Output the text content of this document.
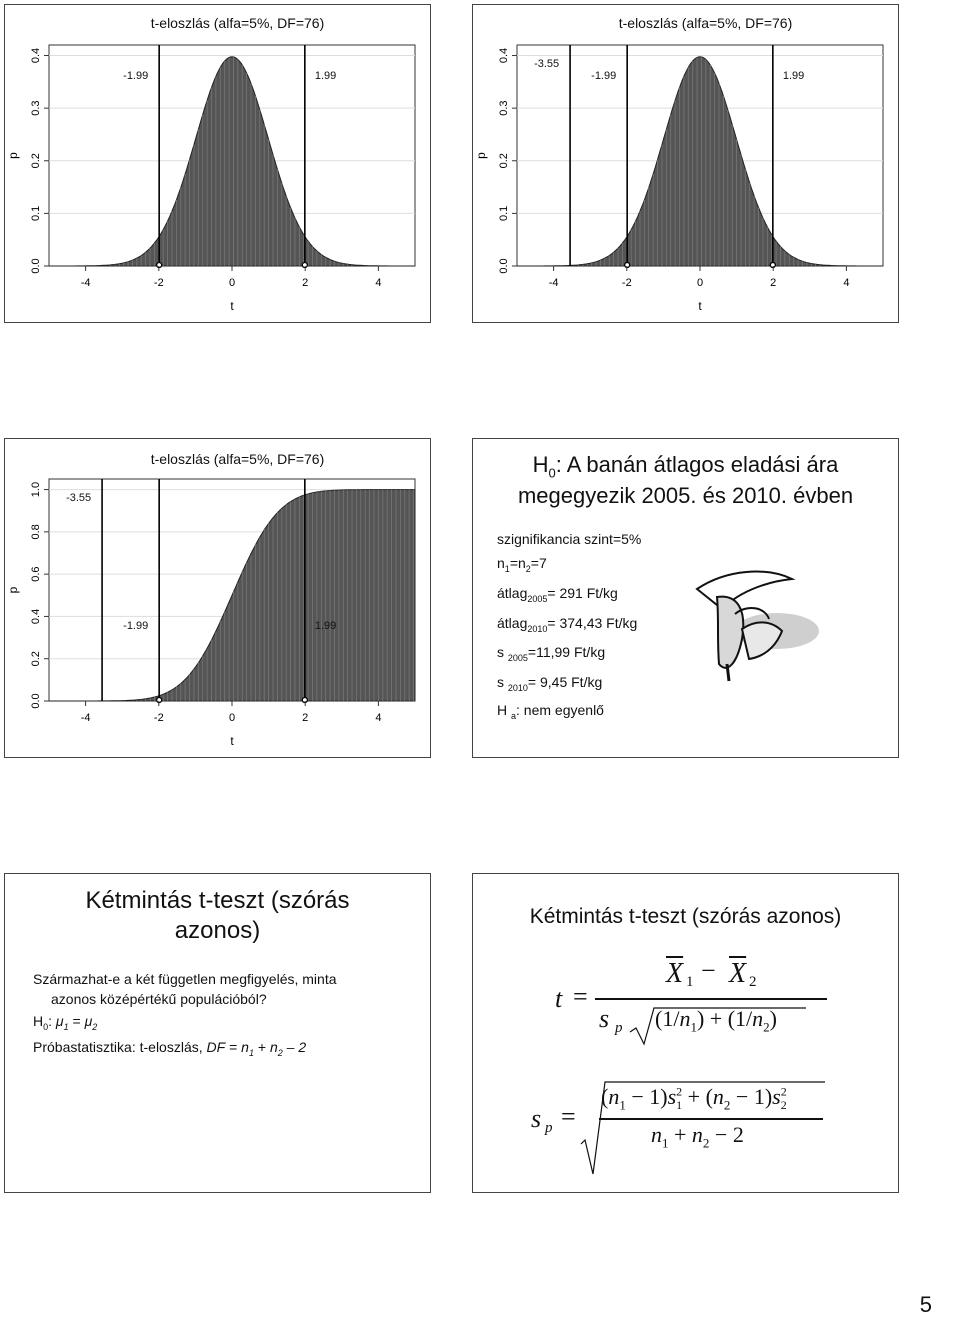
t-eloszlás (alfa=5%, DF=76)
-1.99	1.99
-4	-2	0	2	4
0.0
0.1
0.2
0.3
0.4
t
p
t-eloszlás (alfa=5%, DF=76)
-3.55
-1.99	1.99
-4	-2	0	2	4
0.0
0.1
0.2
0.3
0.4
t
p
t-eloszlás (alfa=5%, DF=76)
-3.55
-1.99	1.99
-4	-2	0	2	4
0.0
0.2
0.4
0.6
0.8
1.0
t
p
$H_0$: A banán átlagos eladási ára
megegyezik 2005. és 2010. évben
szignifikancia szint=5%
$n_1=n_2=7$
átlag$_{2005}$= 291 Ft/kg
átlag$_{2010}$= 374,43 Ft/kg
s $_{2005}$=11,99 Ft/kg
s $_{2010}$= 9,45 Ft/kg
H $_a$: nem egyenlő
Kétmintás t-teszt (szórás
azonos)
Származhat-e a két független megfigyelés, minta
azonos középértékű populációból?
$H_0$: $\mu_1 = \mu_2$
Próbastatisztika: t-eloszlás, DF = $n_1 + n_2 - 2$
Kétmintás t-teszt (szórás azonos)
t =
$\overline{X}$ $1 - \overline{X}$ 2
s p $(1/n_1) + (1/n_2)$
s p =
$(n_1 - 1)s^2_1 + (n_2 - 1)s^2_2$
$n_1 + n_2 - 2$
5
